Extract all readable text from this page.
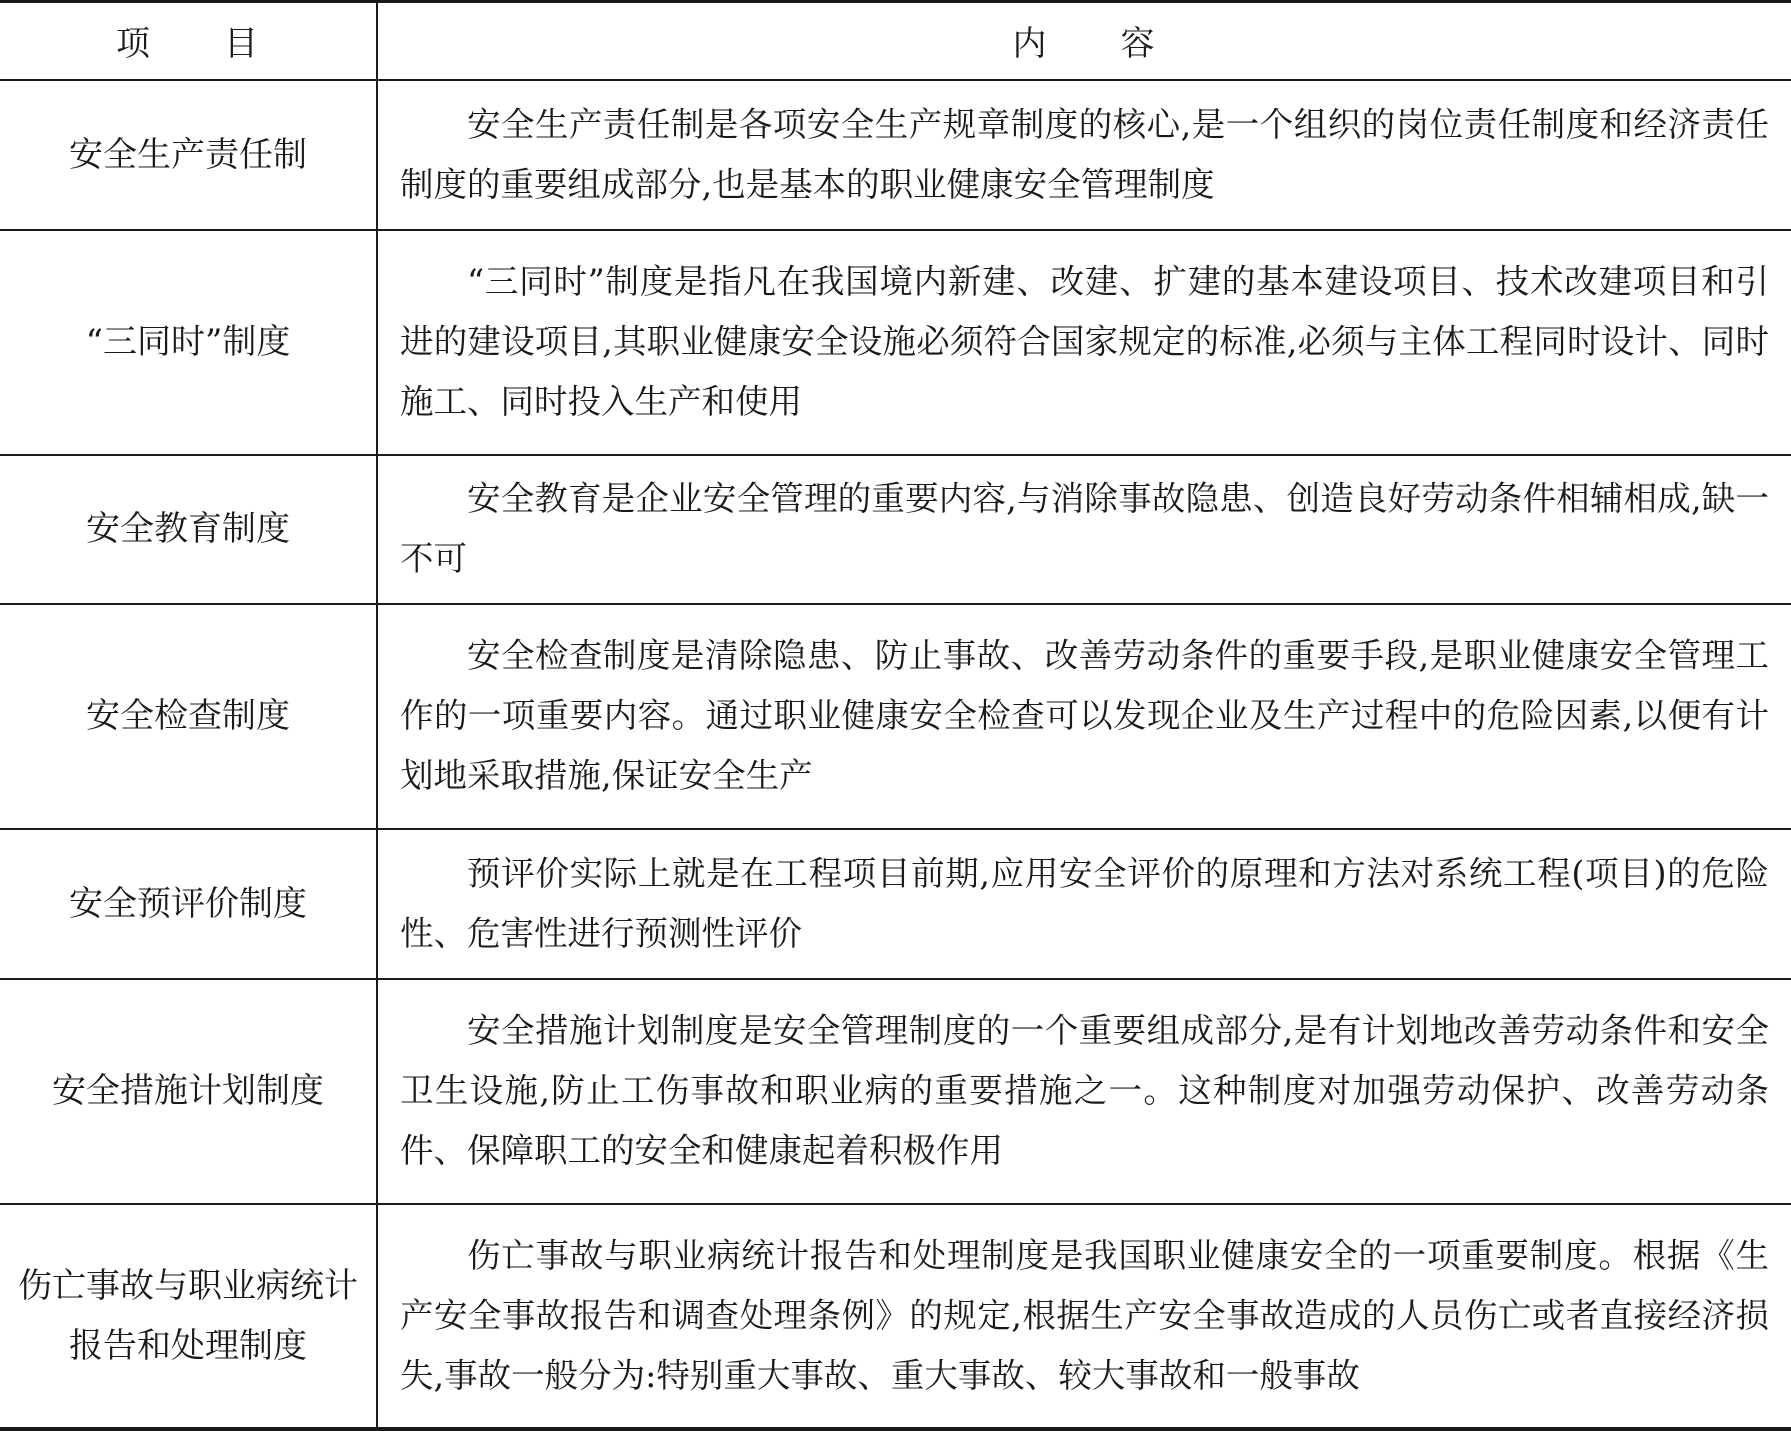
项　　目	内　　容
安全生产责任制	安全生产责任制是各项安全生产规章制度的核心,是一个组织的岗位责任制度和经济责任制度的重要组成部分,也是基本的职业健康安全管理制度
“三同时”制度	“三同时”制度是指凡在我国境内新建、改建、扩建的基本建设项目、技术改建项目和引进的建设项目,其职业健康安全设施必须符合国家规定的标准,必须与主体工程同时设计、同时施工、同时投入生产和使用
安全教育制度	安全教育是企业安全管理的重要内容,与消除事故隐患、创造良好劳动条件相辅相成,缺一不可
安全检查制度	安全检查制度是清除隐患、防止事故、改善劳动条件的重要手段,是职业健康安全管理工作的一项重要内容。通过职业健康安全检查可以发现企业及生产过程中的危险因素,以便有计划地采取措施,保证安全生产
安全预评价制度	预评价实际上就是在工程项目前期,应用安全评价的原理和方法对系统工程(项目)的危险性、危害性进行预测性评价
安全措施计划制度	安全措施计划制度是安全管理制度的一个重要组成部分,是有计划地改善劳动条件和安全卫生设施,防止工伤事故和职业病的重要措施之一。这种制度对加强劳动保护、改善劳动条件、保障职工的安全和健康起着积极作用
伤亡事故与职业病统计报告和处理制度	伤亡事故与职业病统计报告和处理制度是我国职业健康安全的一项重要制度。根据《生产安全事故报告和调查处理条例》的规定,根据生产安全事故造成的人员伤亡或者直接经济损失,事故一般分为:特别重大事故、重大事故、较大事故和一般事故
